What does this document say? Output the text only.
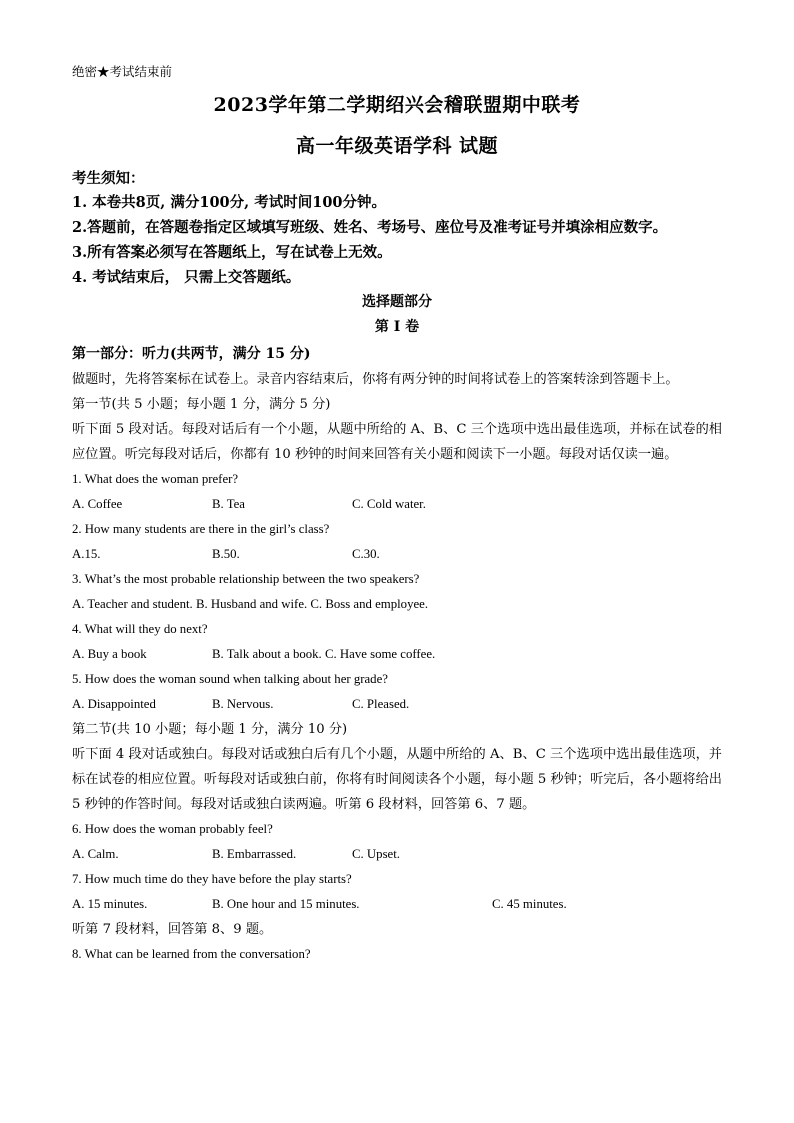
绝密★考试结束前
2023学年第二学期绍兴会稽联盟期中联考
高一年级英语学科 试题
考生须知：
1. 本卷共8页, 满分100分, 考试时间100分钟。
2.答题前，在答题卷指定区域填写班级、姓名、考场号、座位号及准考证号并填涂相应数字。
3.所有答案必须写在答题纸上，写在试卷上无效。
4. 考试结束后， 只需上交答题纸。
选择题部分
第 I 卷
第一部分：听力(共两节，满分 15 分)
做题时，先将答案标在试卷上。录音内容结束后，你将有两分钟的时间将试卷上的答案转涂到答题卡上。
第一节(共 5 小题；每小题 1 分，满分 5 分)
听下面 5 段对话。每段对话后有一个小题，从题中所给的 A、B、C 三个选项中选出最佳选项，并标在试卷的相应位置。听完每段对话后，你都有 10 秒钟的时间来回答有关小题和阅读下一小题。每段对话仅读一遍。
1. What does the woman prefer?
A. Coffee	B. Tea	C. Cold water.
2. How many students are there in the girl’s class?
A.15.	B.50.	C.30.
3. What’s the most probable relationship between the two speakers?
A. Teacher and student. B. Husband and wife. C. Boss and employee.
4. What will they do next?
A. Buy a book	B. Talk about a book. C. Have some coffee.
5. How does the woman sound when talking about her grade?
A. Disappointed	B. Nervous.	C. Pleased.
第二节(共 10 小题；每小题 1 分，满分 10 分)
听下面 4 段对话或独白。每段对话或独白后有几个小题，从题中所给的 A、B、C 三个选项中选出最佳选项，并标在试卷的相应位置。听每段对话或独白前，你将有时间阅读各个小题，每小题 5 秒钟；听完后，各小题将给出 5 秒钟的作答时间。每段对话或独白读两遍。听第 6 段材料，回答第 6、7 题。
6. How does the woman probably feel?
A. Calm.	B. Embarrassed.	C. Upset.
7. How much time do they have before the play starts?
A. 15 minutes.	B. One hour and 15 minutes.	C. 45 minutes.
听第 7 段材料，回答第 8、9 题。
8. What can be learned from the conversation?
